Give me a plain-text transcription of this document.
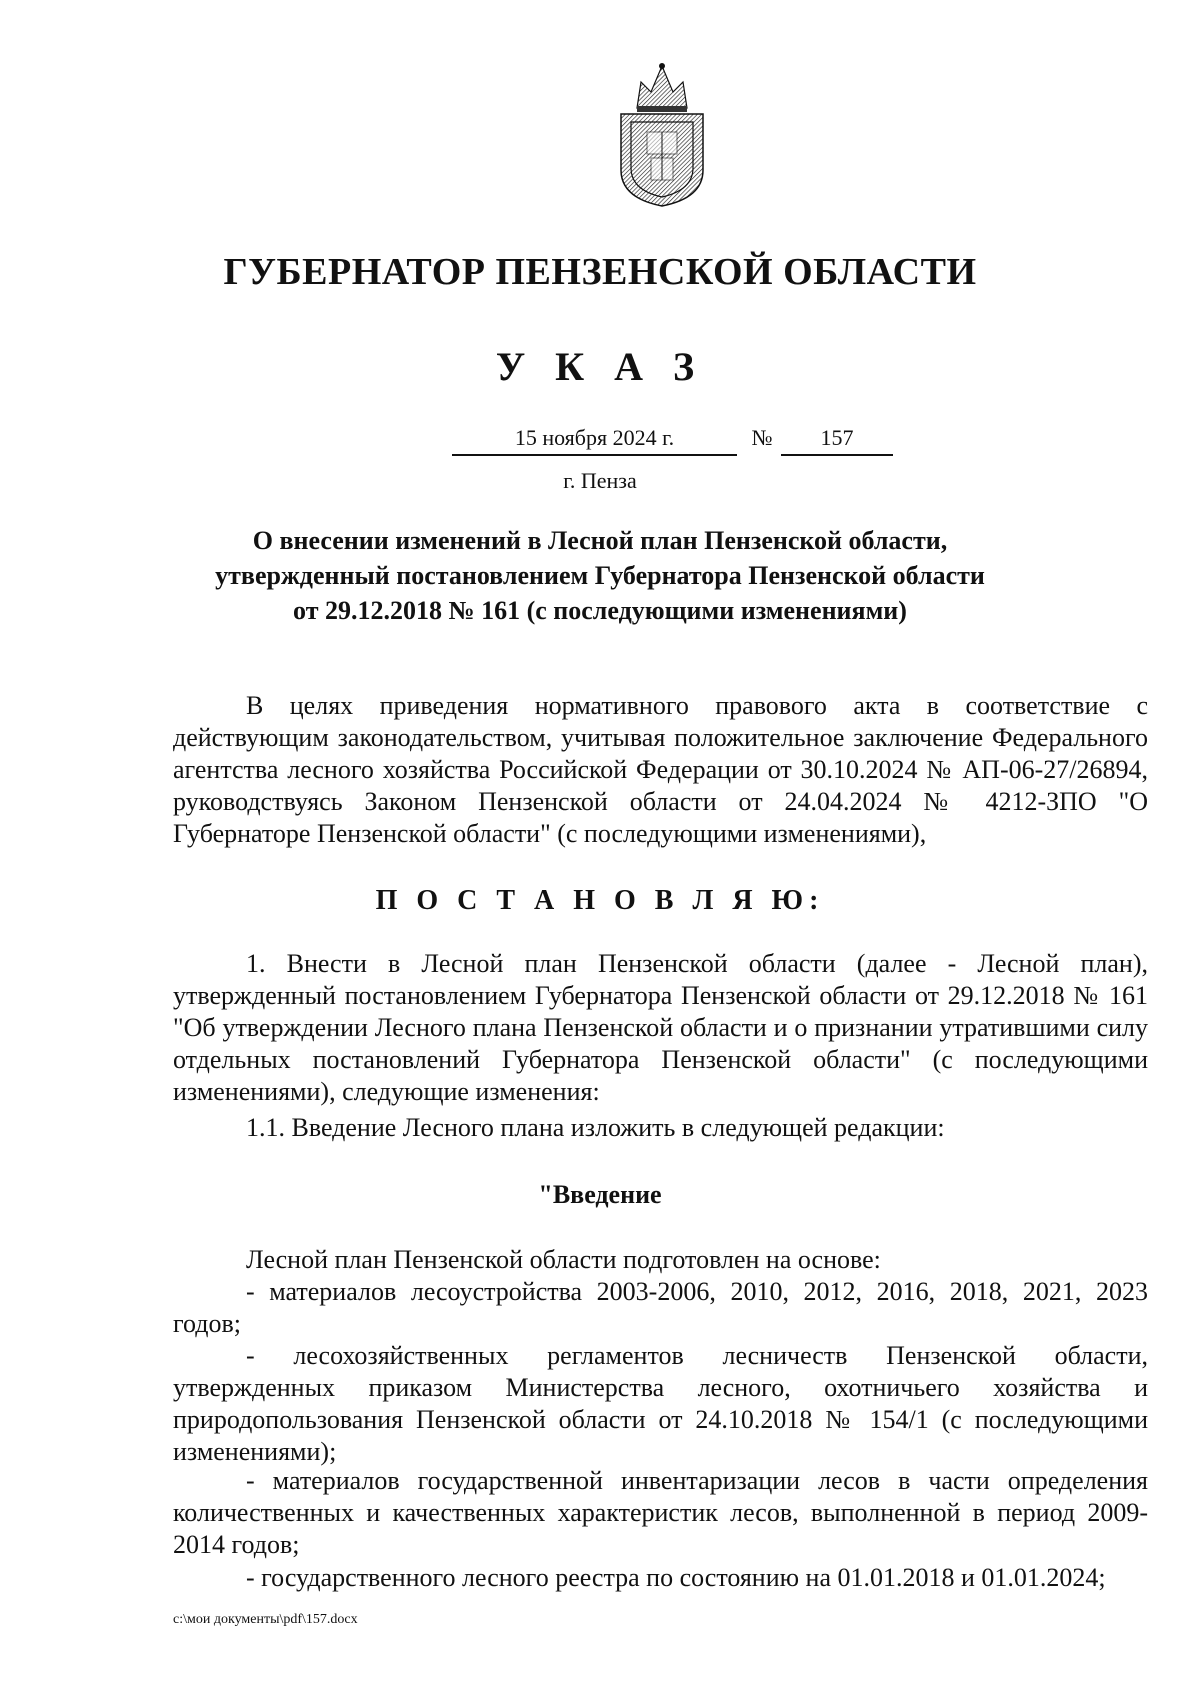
ГУБЕРНАТОР ПЕНЗЕНСКОЙ ОБЛАСТИ
У К А З
15 ноября 2024 г.	№	157
г. Пенза
О внесении изменений в Лесной план Пензенской области,
утвержденный постановлением Губернатора Пензенской области
от 29.12.2018 № 161 (с последующими изменениями)

В целях приведения нормативного правового акта в соответствие с действующим законодательством, учитывая положительное заключение Федерального агентства лесного хозяйства Российской Федерации от 30.10.2024 № АП-06-27/26894, руководствуясь Законом Пензенской области от 24.04.2024 № 4212-ЗПО "О Губернаторе Пензенской области" (с последующими изменениями),

П О С Т А Н О В Л Я Ю:

1. Внести в Лесной план Пензенской области (далее - Лесной план), утвержденный постановлением Губернатора Пензенской области от 29.12.2018 № 161 "Об утверждении Лесного плана Пензенской области и о признании утратившими силу отдельных постановлений Губернатора Пензенской области" (с последующими изменениями), следующие изменения:

1.1. Введение Лесного плана изложить в следующей редакции:

"Введение

Лесной план Пензенской области подготовлен на основе:

- материалов лесоустройства 2003-2006, 2010, 2012, 2016, 2018, 2021, 2023 годов;

- лесохозяйственных регламентов лесничеств Пензенской области, утвержденных приказом Министерства лесного, охотничьего хозяйства и природопользования Пензенской области от 24.10.2018 № 154/1 (с последующими изменениями);

- материалов государственной инвентаризации лесов в части определения количественных и качественных характеристик лесов, выполненной в период 2009-2014 годов;

- государственного лесного реестра по состоянию на 01.01.2018 и 01.01.2024;

c:\мои документы\pdf\157.docx
